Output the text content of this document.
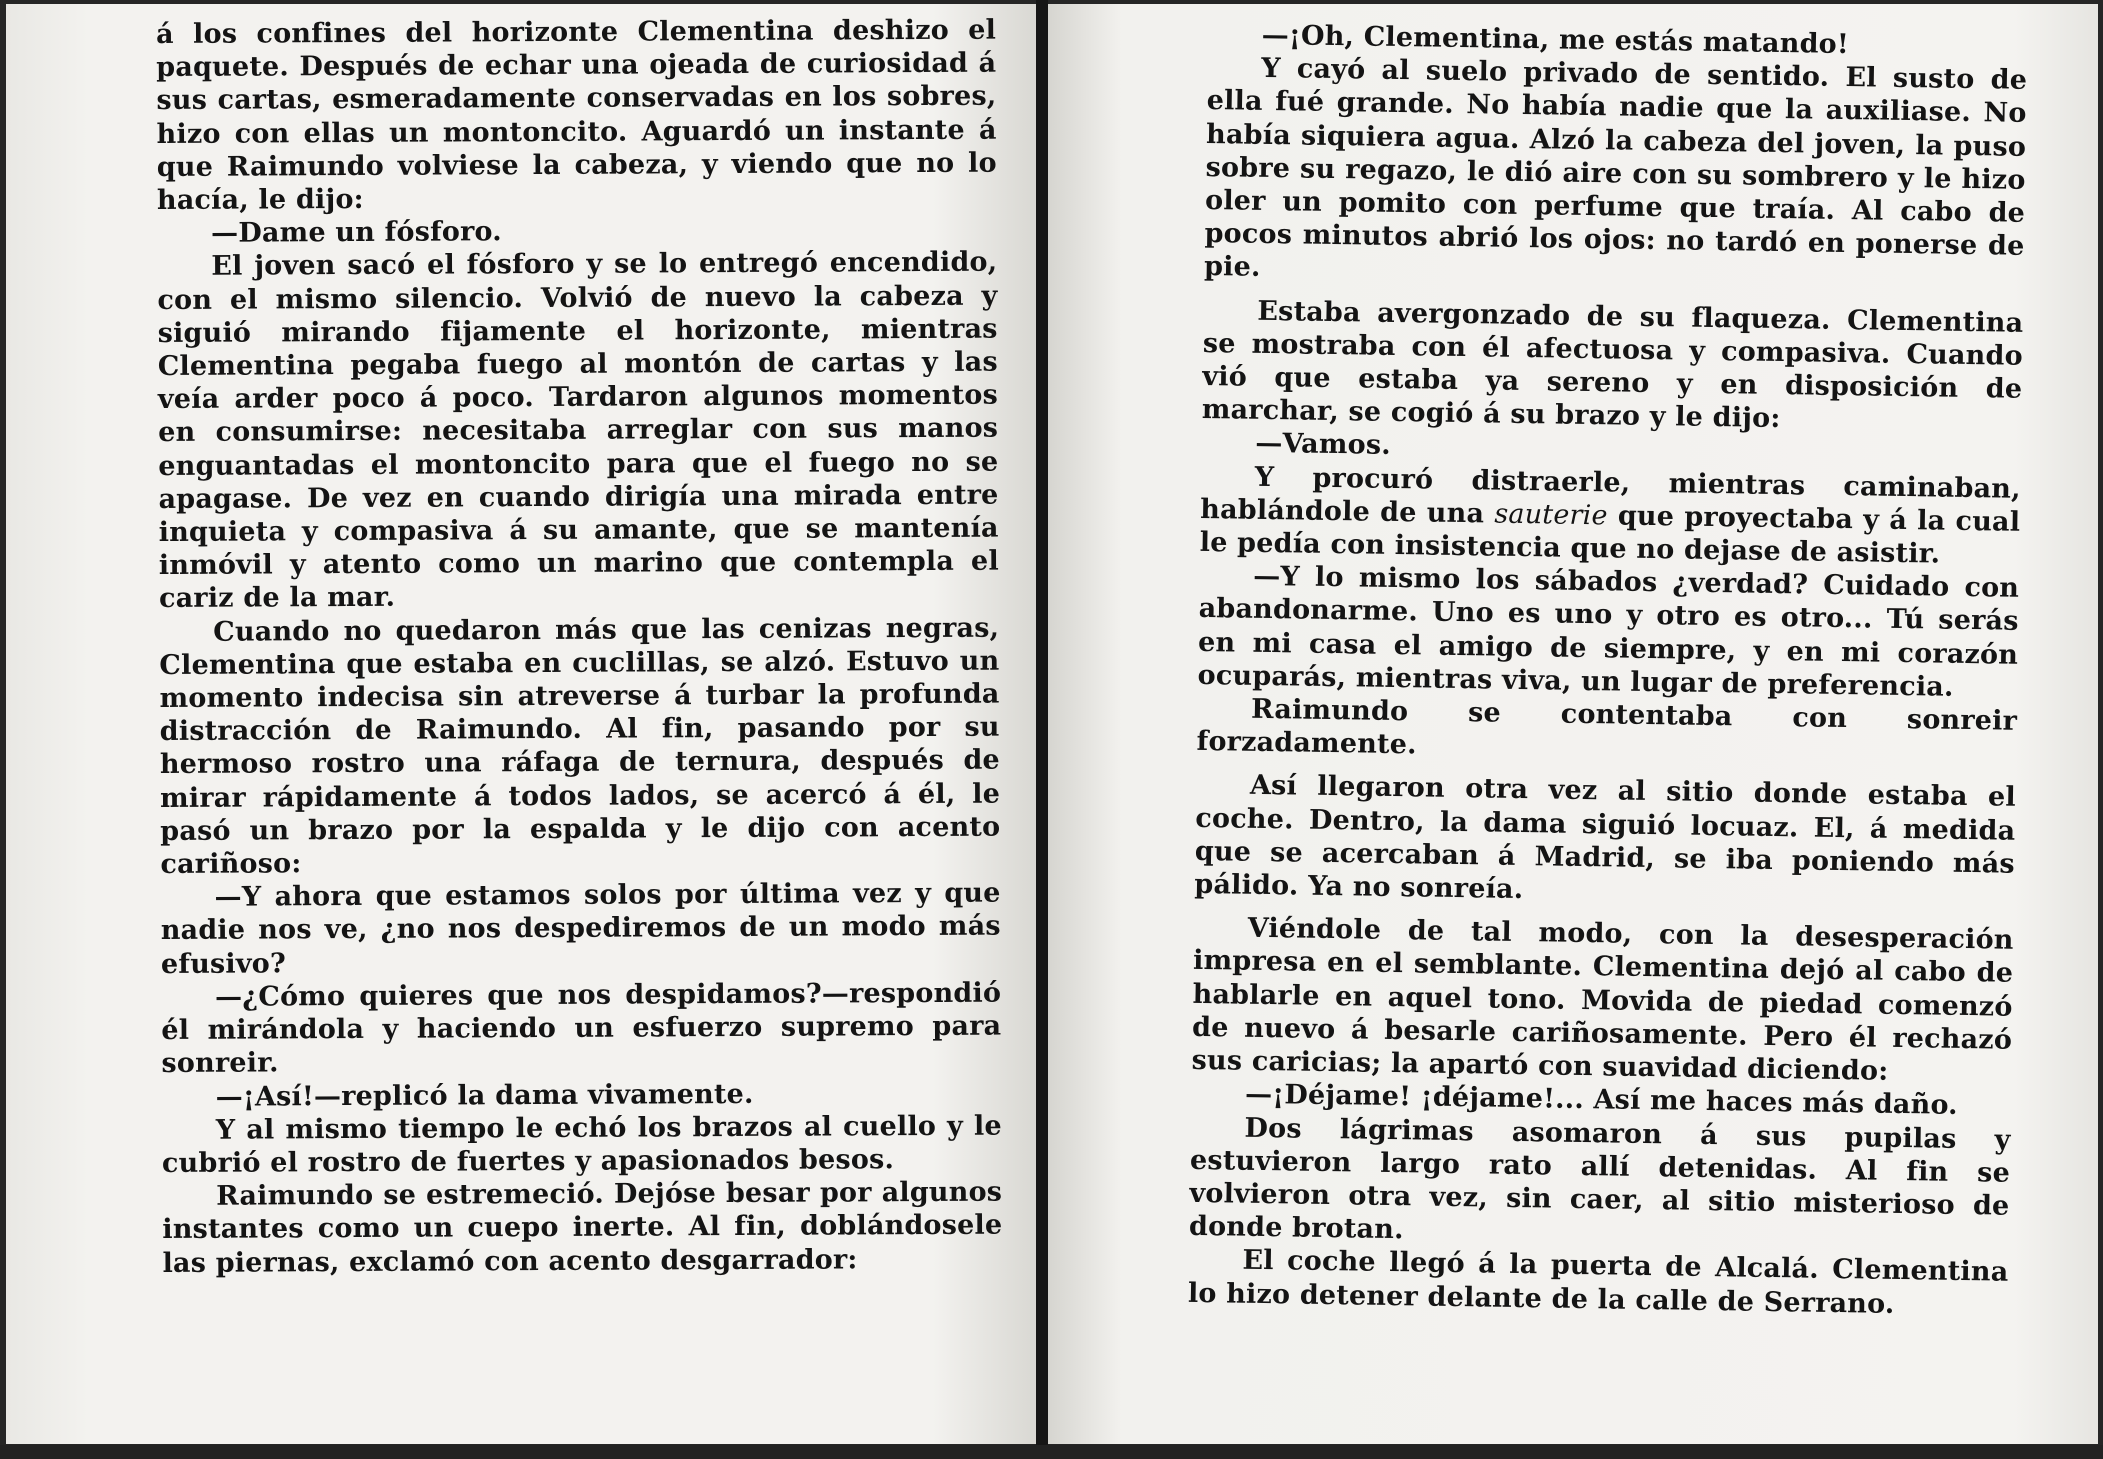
á los confines del horizonte Clementina deshizo el paquete. Después de echar una ojeada de curiosidad á sus cartas, esmeradamente conservadas en los sobres, hizo con ellas un montoncito. Aguardó un instante á que Raimundo volviese la cabeza, y viendo que no lo hacía, le dijo:

—Dame un fósforo.

El joven sacó el fósforo y se lo entregó encendido, con el mismo silencio. Volvió de nuevo la cabeza y siguió mirando fijamente el horizonte, mientras Clementina pegaba fuego al montón de cartas y las veía arder poco á poco. Tardaron algunos momentos en consumirse: necesitaba arreglar con sus manos enguantadas el montoncito para que el fuego no se apagase. De vez en cuando dirigía una mirada entre inquieta y compasiva á su amante, que se mantenía inmóvil y atento como un marino que contempla el cariz de la mar.

Cuando no quedaron más que las cenizas negras, Clementina que estaba en cuclillas, se alzó. Estuvo un momento indecisa sin atreverse á turbar la profunda distracción de Raimundo. Al fin, pasando por su hermoso rostro una ráfaga de ternura, después de mirar rápidamente á todos lados, se acercó á él, le pasó un brazo por la espalda y le dijo con acento cariñoso:

—Y ahora que estamos solos por última vez y que nadie nos ve, ¿no nos despediremos de un modo más efusivo?

—¿Cómo quieres que nos despidamos?—respondió él mirándola y haciendo un esfuerzo supremo para sonreir.

—¡Así!—replicó la dama vivamente.

Y al mismo tiempo le echó los brazos al cuello y le cubrió el rostro de fuertes y apasionados besos.

Raimundo se estremeció. Dejóse besar por algunos instantes como un cuepo inerte. Al fin, doblándosele las piernas, exclamó con acento desgarrador:

—¡Oh, Clementina, me estás matando!

Y cayó al suelo privado de sentido. El susto de ella fué grande. No había nadie que la auxiliase. No había siquiera agua. Alzó la cabeza del joven, la puso sobre su regazo, le dió aire con su sombrero y le hizo oler un pomito con perfume que traía. Al cabo de pocos minutos abrió los ojos: no tardó en ponerse de pie.

Estaba avergonzado de su flaqueza. Clementina se mostraba con él afectuosa y compasiva. Cuando vió que estaba ya sereno y en disposición de marchar, se cogió á su brazo y le dijo:

—Vamos.

Y procuró distraerle, mientras caminaban, hablándole de una sauterie que proyectaba y á la cual le pedía con insistencia que no dejase de asistir.

—Y lo mismo los sábados ¿verdad? Cuidado con abandonarme. Uno es uno y otro es otro... Tú serás en mi casa el amigo de siempre, y en mi corazón ocuparás, mientras viva, un lugar de preferencia.

Raimundo se contentaba con sonreir forzadamente.

Así llegaron otra vez al sitio donde estaba el coche. Dentro, la dama siguió locuaz. El, á medida que se acercaban á Madrid, se iba poniendo más pálido. Ya no sonreía.

Viéndole de tal modo, con la desesperación impresa en el semblante. Clementina dejó al cabo de hablarle en aquel tono. Movida de piedad comenzó de nuevo á besarle cariñosamente. Pero él rechazó sus caricias; la apartó con suavidad diciendo:

—¡Déjame! ¡déjame!... Así me haces más daño.

Dos lágrimas asomaron á sus pupilas y estuvieron largo rato allí detenidas. Al fin se volvieron otra vez, sin caer, al sitio misterioso de donde brotan.

El coche llegó á la puerta de Alcalá. Clementina lo hizo detener delante de la calle de Serrano.
